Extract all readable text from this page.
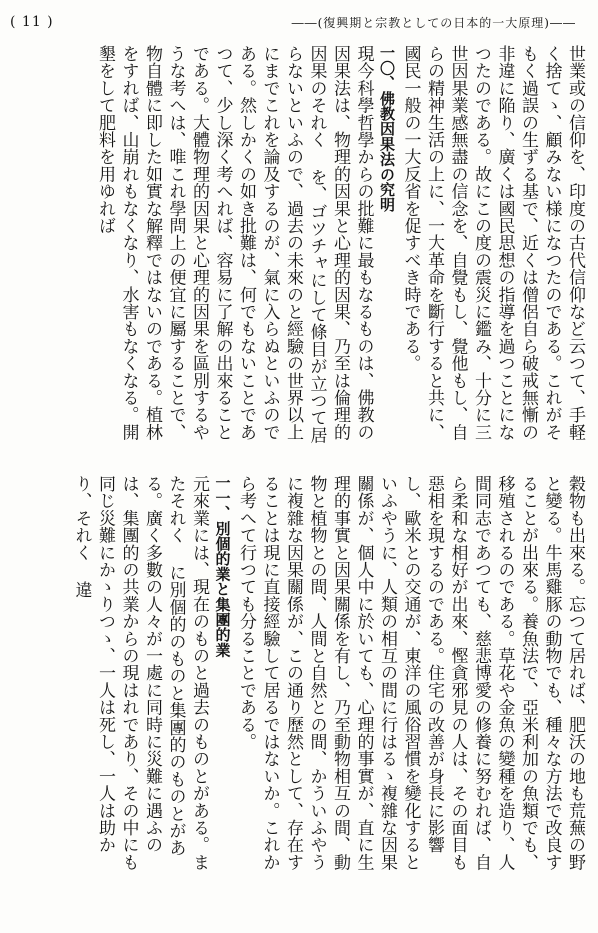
( 11 )	――(復興期と宗教としての日本的一大原理)――

世業或の信仰を、印度の古代信仰など云つて、手軽く捨てゝ、顧みない様になつたのである。これがそもく過誤の生ずる基で、近くは僧侶自ら破戒無慚の非違に陥り、廣くは國民思想の指導を過つことになつたのである。故にこの度の震災に鑑み、十分に三世因果業感無盡の信念を、自覺もし、覺他もし、自らの精神生活の上に、一大革命を斷行すると共に、國民一般の一大反省を促すべき時である。

一〇、佛教因果法の究明

現今科學哲學からの批難に最もなるものは、佛教の因果法は、物理的因果と心理的因果、乃至は倫理的因果のそれく を、ゴツチャにして條目が立つて居らないといふので、過去の未來のと經驗の世界以上にまでこれを論及するのが、氣に入らぬといふのである。然しかくの如き批難は、何でもないことであつて、少し深く考へれば、容易に了解の出來ることである。大體物理的因果と心理的因果を區別するやうな考へは、唯これ學問上の便宜に屬することで、物自體に即した如實な解釋ではないのである。植林をすれば、山崩れもなくなり、水害もなくなる。開墾をして肥料を用ゆれば

穀物も出來る。忘つて居れば、肥沃の地も荒蕪の野と變る。牛馬雞豚の動物でも、種々な方法で改良することが出來る。養魚法で、亞米利加の魚類でも、移殖されるのである。草花や金魚の變種を造り、人間同志であつても、慈悲博愛の修養に努むれば、自ら柔和な相好が出來、慳貪邪見の人は、その面目も惡相を現するのである。住宅の改善が身長に影響し、歐米との交通が、東洋の風俗習慣を變化するといふやうに、人類の相互の間に行はるゝ複雜な因果關係が、個人中に於いても、心理的事實が、直に生理的事實と因果關係を有し、乃至動物相互の間、動物と植物との間、人間と自然との間、かういふやうに複雜な因果關係が、この通り歷然として、存在することは現に直接經驗して居るではないか。これから考へて行つても分ることである。

一一、別個的業と集團的業

元來業には、現在のものと過去のものとがある。またそれく に別個的のものと集團的のものとがある。廣く多數の人々が一處に同時に災難に遇ふのは、集團的の共業からの現はれであり、その中にも同じ災難にかゝりつゝ、一人は死し、一人は助かり、それく 違
